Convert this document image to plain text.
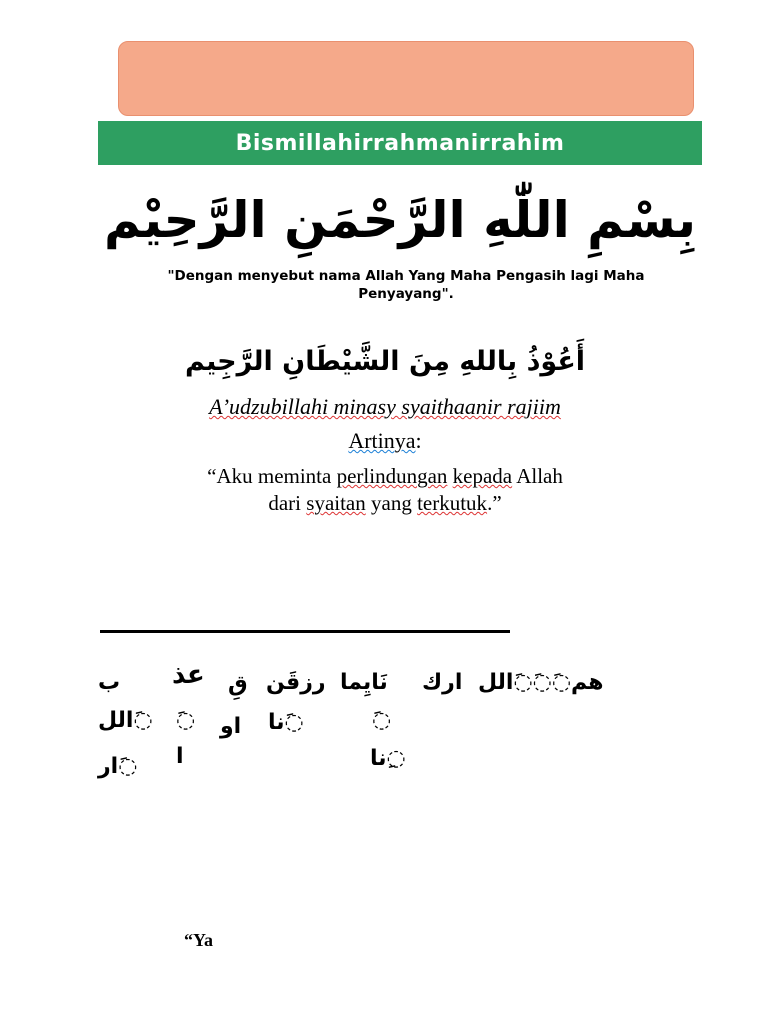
Bismillahirrahmanirrahim
بِسْمِ اللّٰهِ الرَّحْمَنِ الرَّحِيْم
"Dengan menyebut nama Allah Yang Maha Pengasih lagi Maha
Penyayang".
أَعُوْذُ بِاللهِ مِنَ الشَّيْطَانِ الرَّجِيم
A’udzubillahi minasy syaithaanir rajiim
Artinya:
“Aku meminta perlindungan kepada Allah
dari syaitan yang terkutuk.”
ب عذ قِ رزقَن نَايِما ارك هم◌َ◌َ◌َالل
◌َالل ◌َ او ◌َنا	◌َ
◌َار ا	◌ِنا
“Ya
